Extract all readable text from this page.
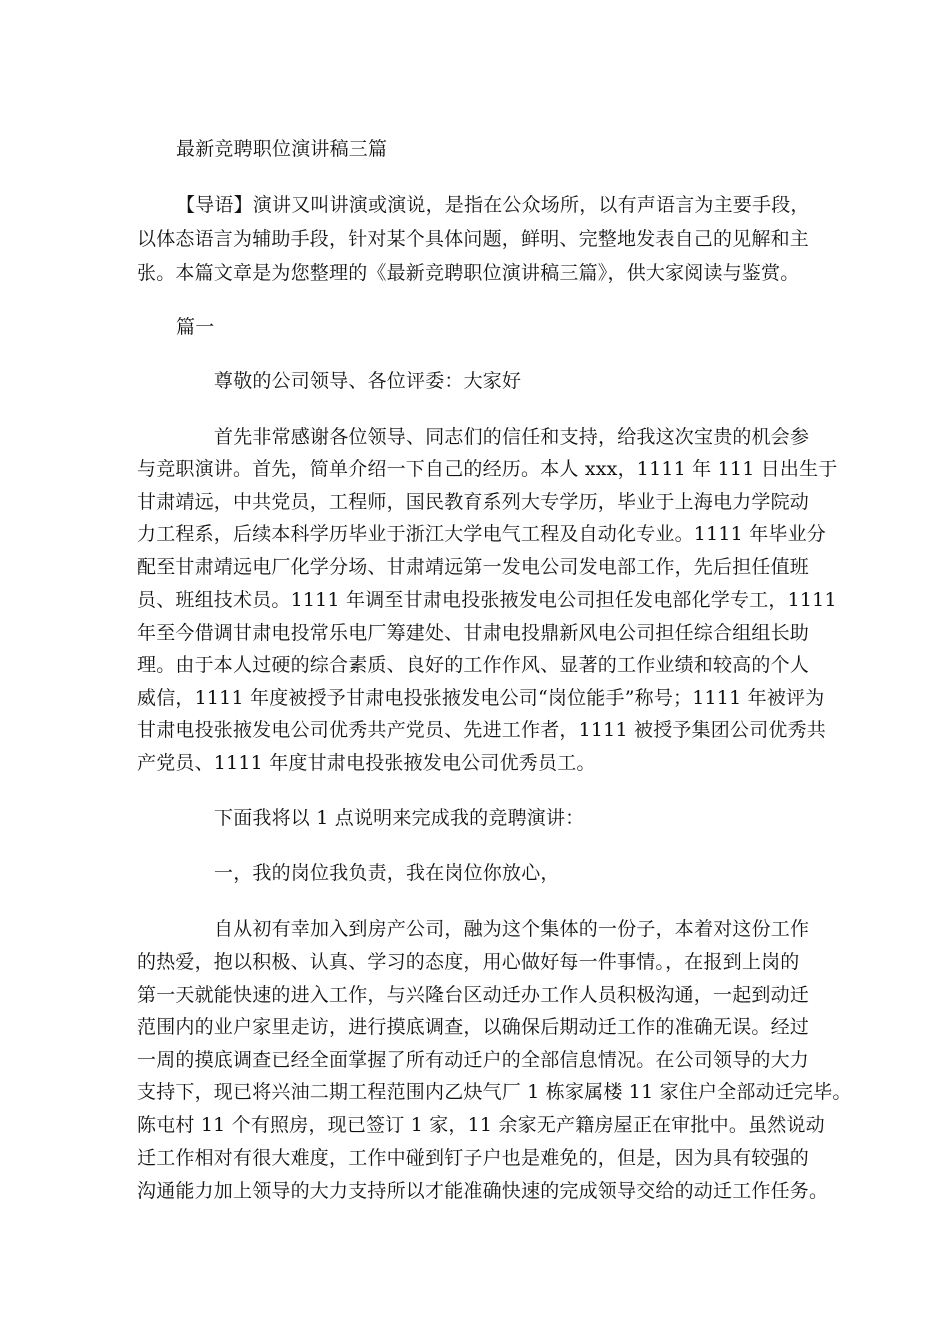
最新竞聘职位演讲稿三篇
【导语】演讲又叫讲演或演说，是指在公众场所，以有声语言为主要手段，
以体态语言为辅助手段，针对某个具体问题，鲜明、完整地发表自己的见解和主
张。本篇文章是为您整理的《最新竞聘职位演讲稿三篇》，供大家阅读与鉴赏。
篇一
尊敬的公司领导、各位评委：大家好
首先非常感谢各位领导、同志们的信任和支持，给我这次宝贵的机会参
与竞职演讲。首先，简单介绍一下自己的经历。本人 xxx，1111 年 111 日出生于
甘肃靖远，中共党员，工程师，国民教育系列大专学历，毕业于上海电力学院动
力工程系，后续本科学历毕业于浙江大学电气工程及自动化专业。1111 年毕业分
配至甘肃靖远电厂化学分场、甘肃靖远第一发电公司发电部工作，先后担任值班
员、班组技术员。1111 年调至甘肃电投张掖发电公司担任发电部化学专工，1111
年至今借调甘肃电投常乐电厂筹建处、甘肃电投鼎新风电公司担任综合组组长助
理。由于本人过硬的综合素质、良好的工作作风、显著的工作业绩和较高的个人
威信，1111 年度被授予甘肃电投张掖发电公司“岗位能手”称号；1111 年被评为
甘肃电投张掖发电公司优秀共产党员、先进工作者，1111 被授予集团公司优秀共
产党员、1111 年度甘肃电投张掖发电公司优秀员工。
下面我将以 1 点说明来完成我的竞聘演讲：
一，我的岗位我负责，我在岗位你放心，
自从初有幸加入到房产公司，融为这个集体的一份子，本着对这份工作
的热爱，抱以积极、认真、学习的态度，用心做好每一件事情。，在报到上岗的
第一天就能快速的进入工作，与兴隆台区动迁办工作人员积极沟通，一起到动迁
范围内的业户家里走访，进行摸底调查，以确保后期动迁工作的准确无误。经过
一周的摸底调查已经全面掌握了所有动迁户的全部信息情况。在公司领导的大力
支持下，现已将兴油二期工程范围内乙炔气厂 1 栋家属楼 11 家住户全部动迁完毕。
陈屯村 11 个有照房，现已签订 1 家，11 余家无产籍房屋正在审批中。虽然说动
迁工作相对有很大难度，工作中碰到钉子户也是难免的，但是，因为具有较强的
沟通能力加上领导的大力支持所以才能准确快速的完成领导交给的动迁工作任务。
